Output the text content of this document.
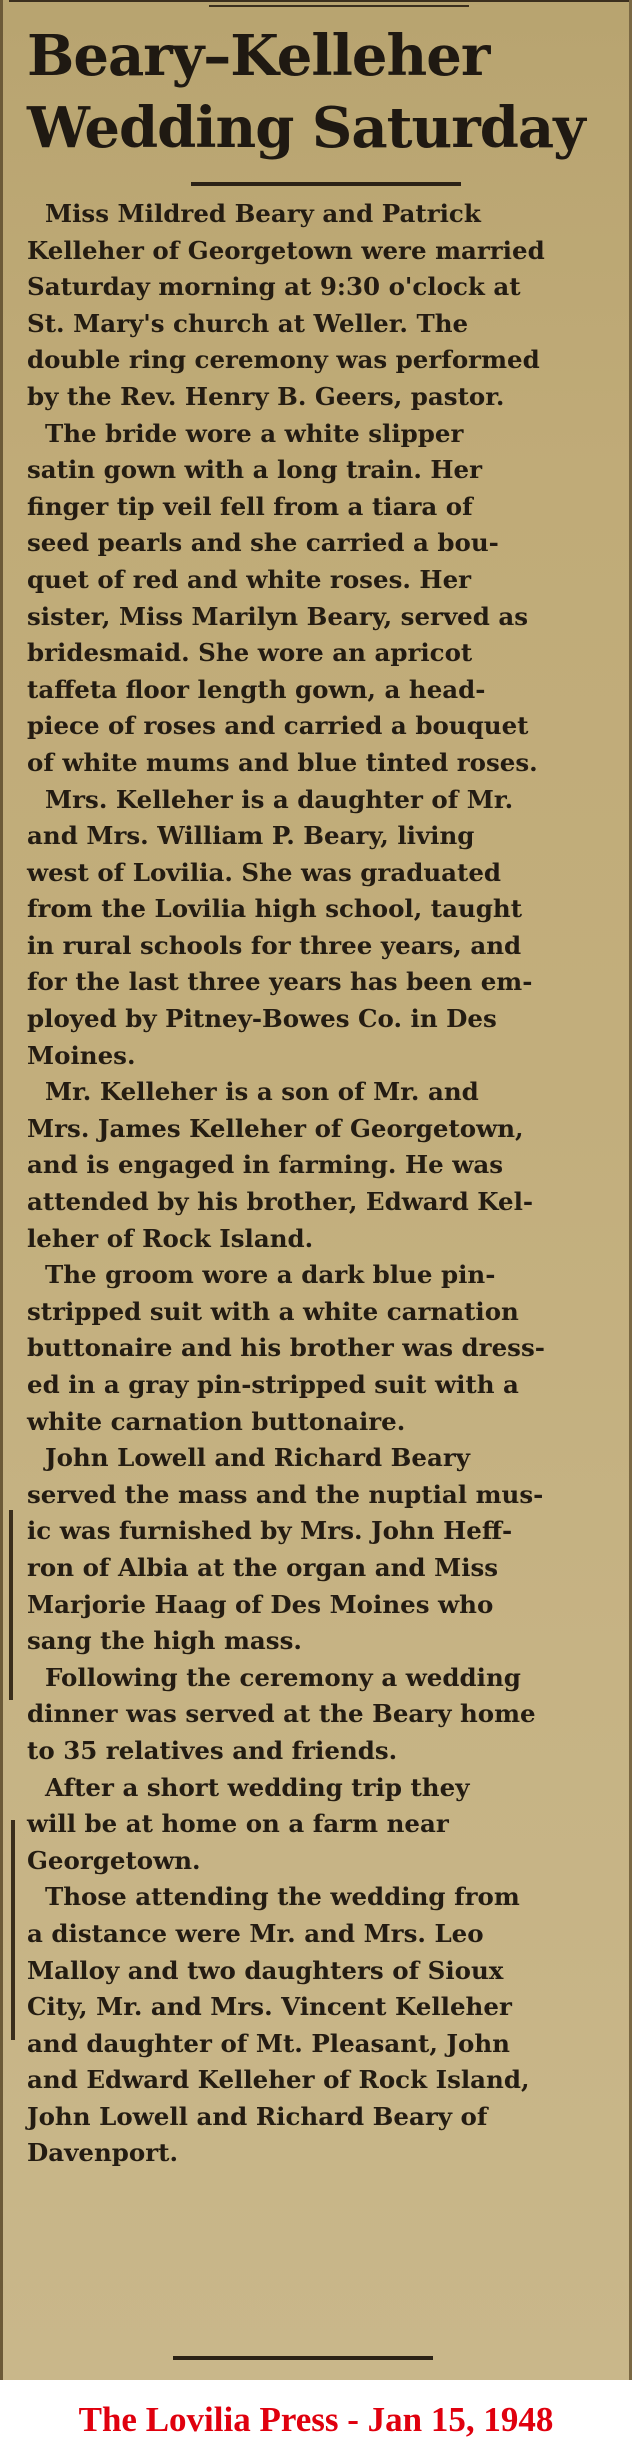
Beary–Kelleher
Wedding Saturday
Miss Mildred Beary and Patrick
Kelleher of Georgetown were married
Saturday morning at 9:30 o'clock at
St. Mary's church at Weller. The
double ring ceremony was performed
by the Rev. Henry B. Geers, pastor.
The bride wore a white slipper
satin gown with a long train. Her
finger tip veil fell from a tiara of
seed pearls and she carried a bou-
quet of red and white roses. Her
sister, Miss Marilyn Beary, served as
bridesmaid. She wore an apricot
taffeta floor length gown, a head-
piece of roses and carried a bouquet
of white mums and blue tinted roses.
Mrs. Kelleher is a daughter of Mr.
and Mrs. William P. Beary, living
west of Lovilia. She was graduated
from the Lovilia high school, taught
in rural schools for three years, and
for the last three years has been em-
ployed by Pitney-Bowes Co. in Des
Moines.
Mr. Kelleher is a son of Mr. and
Mrs. James Kelleher of Georgetown,
and is engaged in farming. He was
attended by his brother, Edward Kel-
leher of Rock Island.
The groom wore a dark blue pin-
stripped suit with a white carnation
buttonaire and his brother was dress-
ed in a gray pin-stripped suit with a
white carnation buttonaire.
John Lowell and Richard Beary
served the mass and the nuptial mus-
ic was furnished by Mrs. John Heff-
ron of Albia at the organ and Miss
Marjorie Haag of Des Moines who
sang the high mass.
Following the ceremony a wedding
dinner was served at the Beary home
to 35 relatives and friends.
After a short wedding trip they
will be at home on a farm near
Georgetown.
Those attending the wedding from
a distance were Mr. and Mrs. Leo
Malloy and two daughters of Sioux
City, Mr. and Mrs. Vincent Kelleher
and daughter of Mt. Pleasant, John
and Edward Kelleher of Rock Island,
John Lowell and Richard Beary of
Davenport.
The Lovilia Press - Jan 15, 1948
